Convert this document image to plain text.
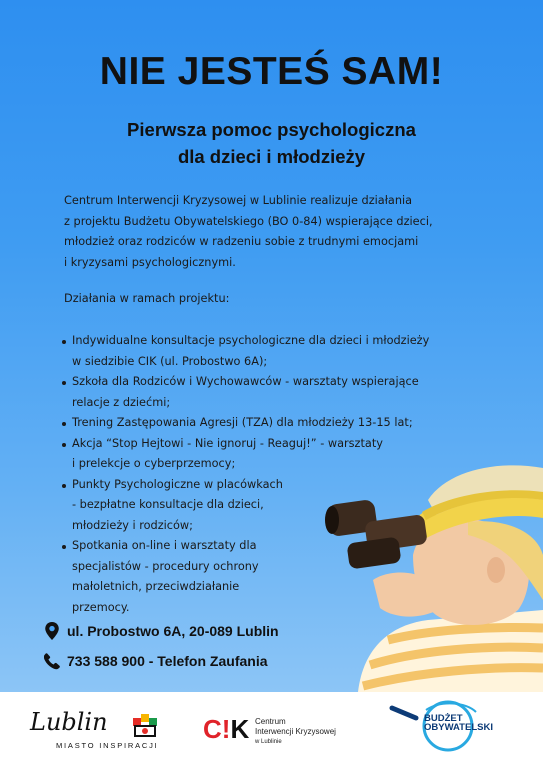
NIE JESTEŚ SAM!
Pierwsza pomoc psychologiczna
dla dzieci i młodzieży

Centrum Interwencji Kryzysowej w Lublinie realizuje działania
z projektu Budżetu Obywatelskiego (BO 0-84) wspierające dzieci,
młodzież oraz rodziców w radzeniu sobie z trudnymi emocjami
i kryzysami psychologicznymi.

Działania w ramach projektu:

Indywidualne konsultacje psychologiczne dla dzieci i młodzieży
w siedzibie CIK (ul. Probostwo 6A);
Szkoła dla Rodziców i Wychowawców - warsztaty wspierające
relacje z dziećmi;
Trening Zastępowania Agresji (TZA) dla młodzieży 13-15 lat;
Akcja “Stop Hejtowi - Nie ignoruj - Reaguj!” - warsztaty
i prelekcje o cyberprzemocy;
Punkty Psychologiczne w placówkach
- bezpłatne konsultacje dla dzieci,
młodzieży i rodziców;
Spotkania on-line i warsztaty dla
specjalistów - procedury ochrony
małoletnich, przeciwdziałanie
przemocy.
ul. Probostwo 6A, 20-089 Lublin
733 588 900 - Telefon Zaufania
Lublin
MIASTO INSPIRACJI
C!K Centrum
Interwencji Kryzysowej
w Lublinie
BUDŻET
OBYWATELSKI
